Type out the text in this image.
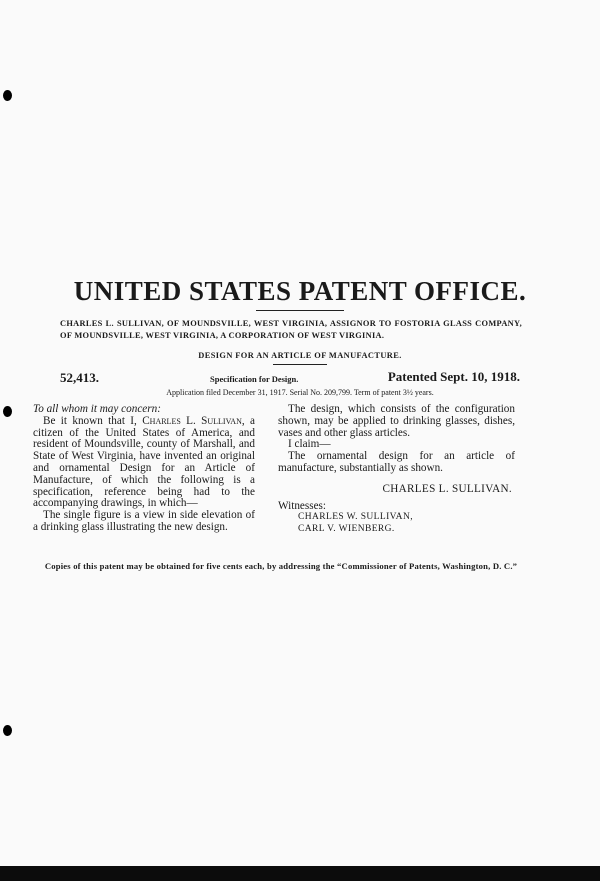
UNITED STATES PATENT OFFICE.

CHARLES L. SULLIVAN, OF MOUNDSVILLE, WEST VIRGINIA, ASSIGNOR TO FOSTORIA GLASS COMPANY, OF MOUNDSVILLE, WEST VIRGINIA, A CORPORATION OF WEST VIRGINIA.

DESIGN FOR AN ARTICLE OF MANUFACTURE.

52,413.	Specification for Design.	Patented Sept. 10, 1918.

Application filed December 31, 1917. Serial No. 209,799. Term of patent 3½ years.

To all whom it may concern:

Be it known that I, Charles L. Sullivan, a citizen of the United States of America, and resident of Moundsville, county of Marshall, and State of West Virginia, have invented an original and ornamental Design for an Article of Manufacture, of which the following is a specification, reference being had to the accompanying drawings, in which—

The single figure is a view in side elevation of a drinking glass illustrating the new design.

The design, which consists of the configuration shown, may be applied to drinking glasses, dishes, vases and other glass articles.

I claim—

The ornamental design for an article of manufacture, substantially as shown.

CHARLES L. SULLIVAN.

Witnesses:

CHARLES W. SULLIVAN,

CARL V. WIENBERG.

Copies of this patent may be obtained for five cents each, by addressing the “Commissioner of Patents, Washington, D. C.”
